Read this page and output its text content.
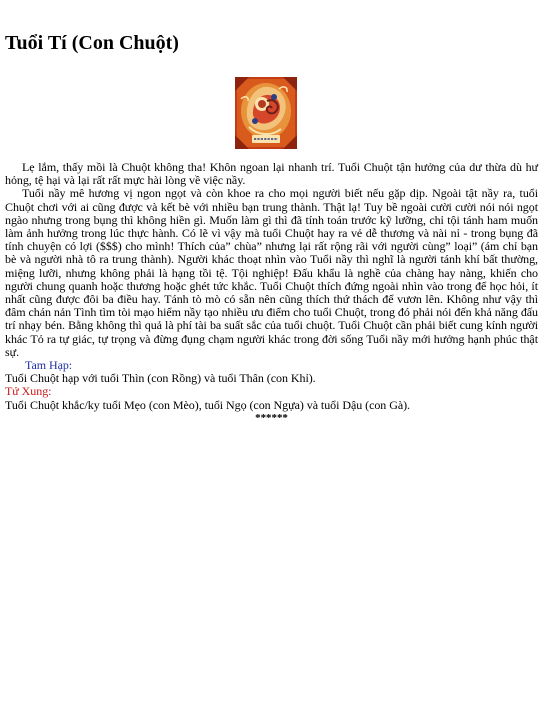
Tuổi Tí (Con Chuột)

Lẹ lắm, thấy mồi là Chuột không tha! Khôn ngoan lại nhanh trí. Tuổi Chuột tận hưởng của dư thừa dù hư hỏng, tệ hại và lại rất rất mực hài lòng về việc nầy.

Tuổi nầy mê hương vị ngon ngọt và còn khoe ra cho mọi người biết nếu gặp dịp. Ngoài tật nầy ra, tuổi Chuột chơi với ai cũng được và kết bè với nhiều bạn trung thành. Thật lạ! Tuy bề ngoài cười cười nói nói ngọt ngào nhưng trong bụng thì không hiền gì. Muốn làm gì thì đã tính toán trước kỹ lưỡng, chỉ tội tánh ham muốn làm ảnh hưởng trong lúc thực hành. Có lẽ vì vậy mà tuổi Chuột hay ra vẻ dễ thương và nài nỉ - trong bụng đã tính chuyện có lợi ($$$) cho mình! Thích của” chùa” nhưng lại rất rộng rãi với người cùng” loại” (ám chỉ bạn bè và người nhà tô ra trung thành). Người khác thoạt nhìn vào Tuổi nầy thì nghĩ là người tánh khí bất thường, miệng lưỡi, nhưng không phải là hạng tồi tệ. Tội nghiệp! Đấu khẩu là nghề của chàng hay nàng, khiến cho người chung quanh hoặc thương hoặc ghét tức khắc. Tuổi Chuột thích đứng ngoài nhìn vào trong để học hỏi, ít nhất cũng được đôi ba điều hay. Tánh tò mò có sẵn nên cũng thích thứ thách để vươn lên. Không như vậy thì đâm chán nản Tình tìm tòi mạo hiểm nầy tạo nhiều ưu điểm cho tuổi Chuột, trong đó phải nói đến khả năng đấu trí nhạy bén. Bằng không thì quả là phí tài ba suất sắc của tuổi chuột. Tuổi Chuột cần phải biết cung kính người khác Tỏ ra tự giác, tự trọng và đừng đụng chạm người khác trong đời sống Tuổi nầy mới hưởng hạnh phúc thật sự.

Tam Hạp:

Tuổi Chuột hạp với tuổi Thìn (con Rồng) và tuổi Thân (con Khỉ).

Tứ Xung:

Tuổi Chuột khắc/ky tuổi Mẹo (con Mèo), tuổi Ngọ (con Ngựa) và tuổi Dậu (con Gà).

******
